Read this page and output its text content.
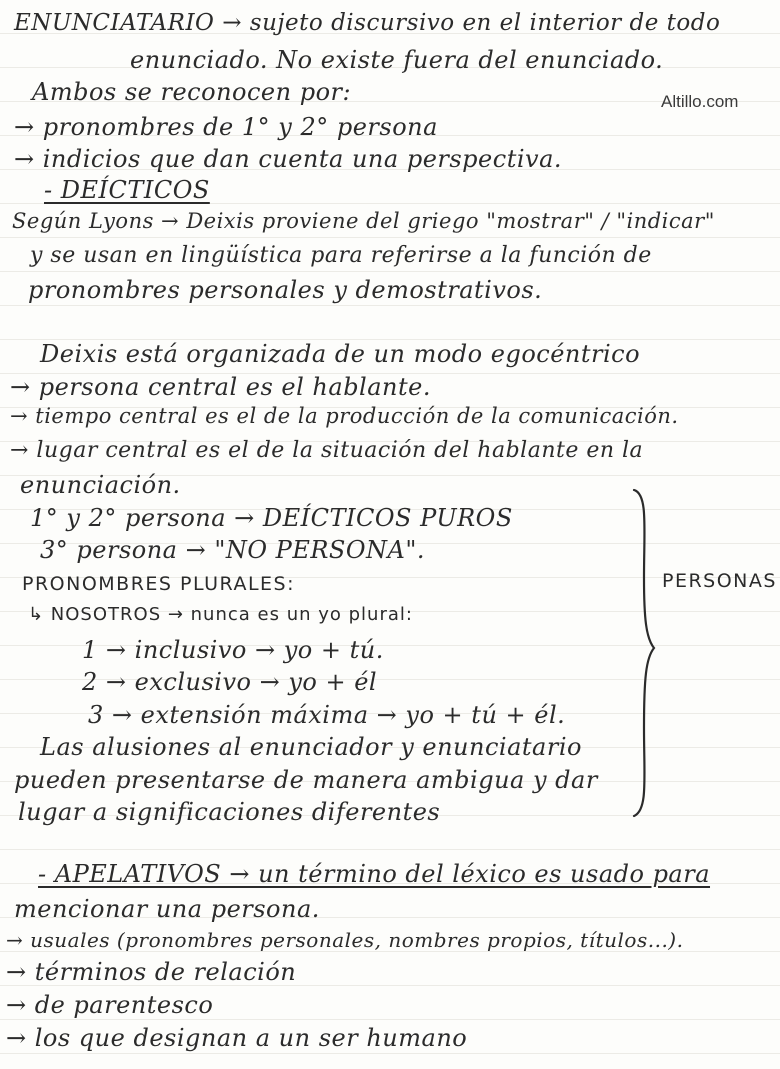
Altillo.com
ENUNCIATARIO → sujeto discursivo en el interior de todo
enunciado. No existe fuera del enunciado.
Ambos se reconocen por:
→ pronombres de 1° y 2° persona
→ indicios que dan cuenta una perspectiva.
- DEÍCTICOS
Según Lyons → Deixis proviene del griego "mostrar" / "indicar"
y se usan en lingüística para referirse a la función de
pronombres personales y demostrativos.
Deixis está organizada de un modo egocéntrico
→ persona central es el hablante.
→ tiempo central es el de la producción de la comunicación.
→ lugar central es el de la situación del hablante en la
enunciación.
1° y 2° persona → DEÍCTICOS PUROS
3° persona → "NO PERSONA".
PRONOMBRES PLURALES:
↳ NOSOTROS → nunca es un yo plural:
1 → inclusivo → yo + tú.
2 → exclusivo → yo + él
3 → extensión máxima → yo + tú + él.
Las alusiones al enunciador y enunciatario
pueden presentarse de manera ambigua y dar
lugar a significaciones diferentes
PERSONAS
- APELATIVOS → un término del léxico es usado para
mencionar una persona.
→ usuales (pronombres personales, nombres propios, títulos...).
→ términos de relación
→ de parentesco
→ los que designan a un ser humano
